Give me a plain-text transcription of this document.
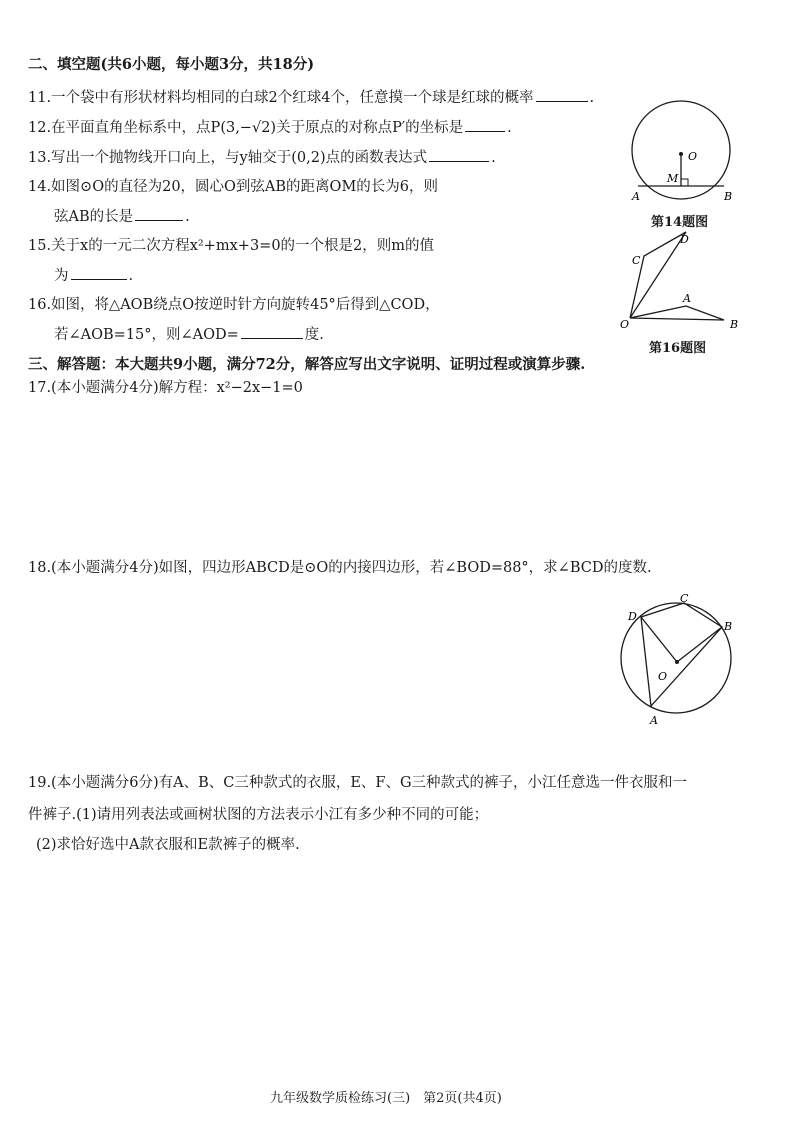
二、填空题(共6小题，每小题3分，共18分)
11.一个袋中有形状材料均相同的白球2个红球4个，任意摸一个球是红球的概率	.
12.在平面直角坐标系中，点P(3,−√2)关于原点的对称点P′的坐标是	.
13.写出一个抛物线开口向上，与y轴交于(0,2)点的函数表达式	.
14.如图⊙O的直径为20，圆心O到弦AB的距离OM的长为6，则
弦AB的长是	.
15.关于x的一元二次方程x²+mx+3=0的一个根是2，则m的值
为	.
16.如图，将△AOB绕点O按逆时针方向旋转45°后得到△COD，
若∠AOB=15°，则∠AOD=	度.
O
M
A	B
第14题图
D
C
A
O	B
第16题图
三、解答题：本大题共9小题，满分72分，解答应写出文字说明、证明过程或演算步骤.
17.(本小题满分4分)解方程：x²−2x−1=0
18.(本小题满分4分)如图，四边形ABCD是⊙O的内接四边形，若∠BOD=88°，求∠BCD的度数.
C
D
B
O
A
19.(本小题满分6分)有A、B、C三种款式的衣服，E、F、G三种款式的裤子，小江任意选一件衣服和一
件裤子.(1)请用列表法或画树状图的方法表示小江有多少种不同的可能；
(2)求恰好选中A款衣服和E款裤子的概率.
九年级数学质检练习(三)　第2页(共4页)
